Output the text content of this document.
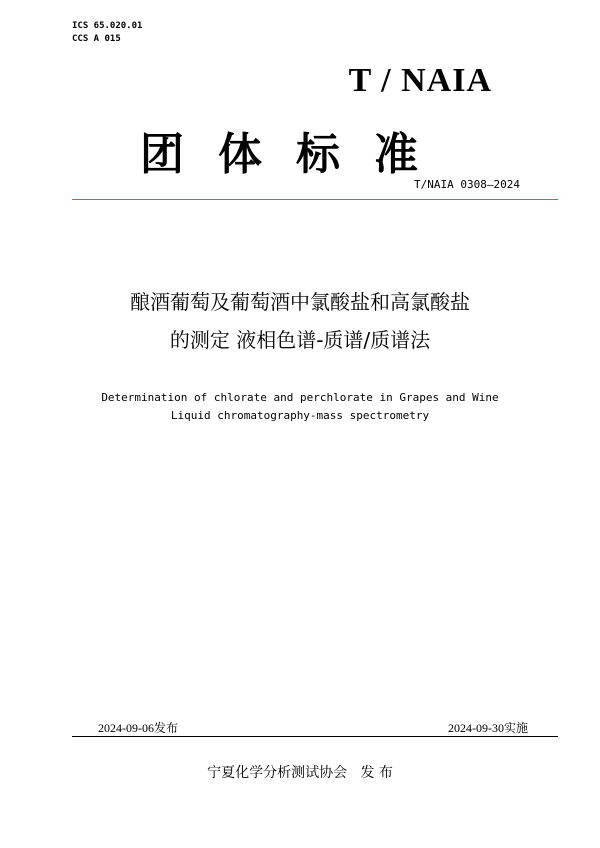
ICS 65.020.01
CCS A 015
T / NAIA
团体标准
T/NAIA 0308—2024
酿酒葡萄及葡萄酒中氯酸盐和高氯酸盐
的测定 液相色谱-质谱/质谱法
Determination of chlorate and perchlorate in Grapes and Wine
Liquid chromatography-mass spectrometry
2024-09-06发布	2024-09-30实施
宁夏化学分析测试协会   发 布
